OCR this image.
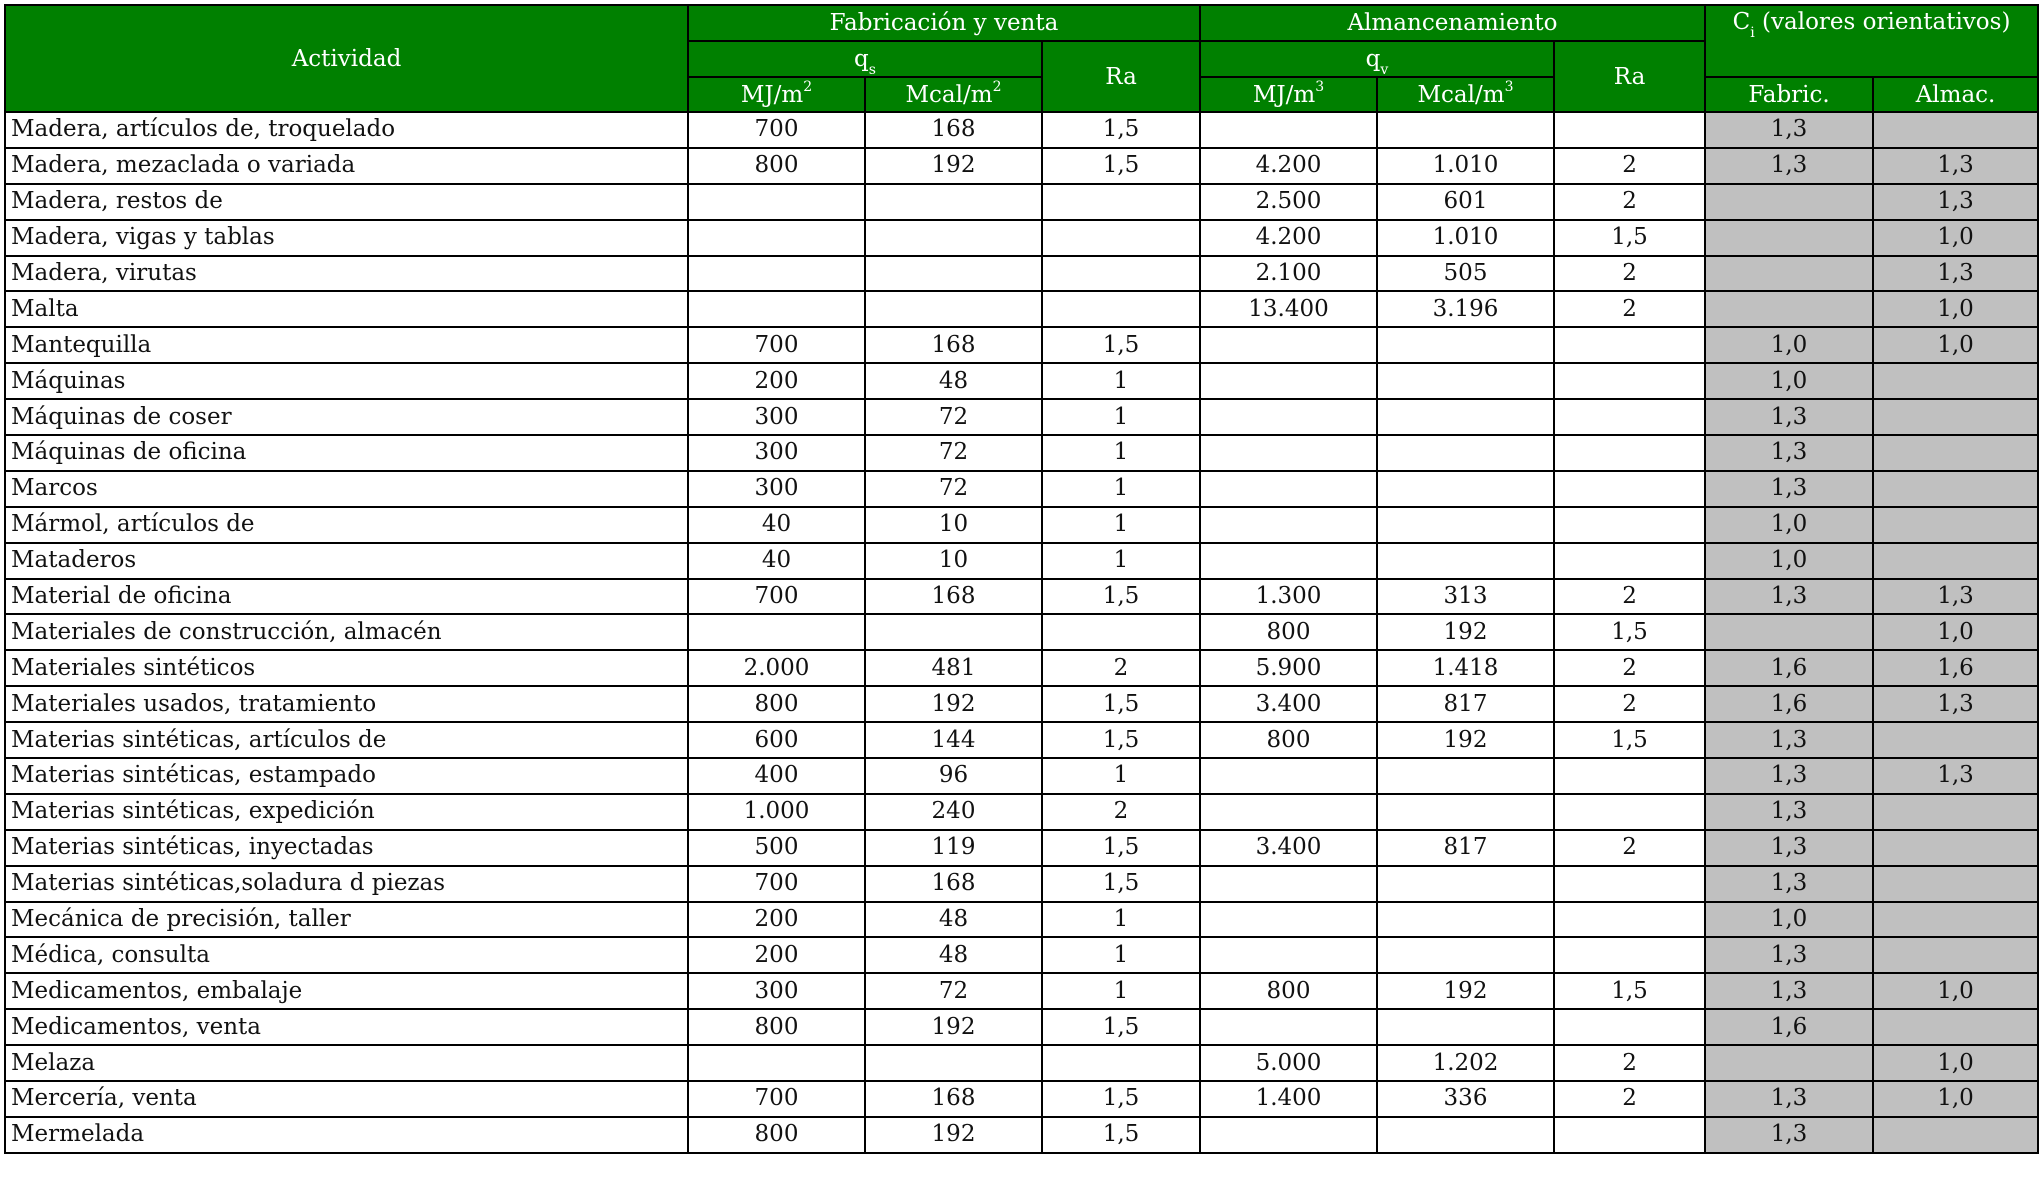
Actividad	Fabricación y venta			Almancenamiento			$C_i$ (valores orientativos)	
	$q_s$		Ra	$q_v$		Ra		
	$MJ/m^2$	Mcal/$m^2$		$MJ/m^3$	Mcal/$m^3$		Fabric.	Almac.
Madera, artículos de, troquelado	700	168	1,5				1,3	
Madera, mezaclada o variada	800	192	1,5	4.200	1.010	2	1,3	1,3
Madera, restos de				2.500	601	2		1,3
Madera, vigas y tablas				4.200	1.010	1,5		1,0
Madera, virutas				2.100	505	2		1,3
Malta				13.400	3.196	2		1,0
Mantequilla	700	168	1,5				1,0	1,0
Máquinas	200	48	1				1,0	
Máquinas de coser	300	72	1				1,3	
Máquinas de oficina	300	72	1				1,3	
Marcos	300	72	1				1,3	
Mármol, artículos de	40	10	1				1,0	
Mataderos	40	10	1				1,0	
Material de oficina	700	168	1,5	1.300	313	2	1,3	1,3
Materiales de construcción, almacén				800	192	1,5		1,0
Materiales sintéticos	2.000	481	2	5.900	1.418	2	1,6	1,6
Materiales usados, tratamiento	800	192	1,5	3.400	817	2	1,6	1,3
Materias sintéticas, artículos de	600	144	1,5	800	192	1,5	1,3	
Materias sintéticas, estampado	400	96	1				1,3	1,3
Materias sintéticas, expedición	1.000	240	2				1,3	
Materias sintéticas, inyectadas	500	119	1,5	3.400	817	2	1,3	
Materias sintéticas,soladura d piezas	700	168	1,5				1,3	
Mecánica de precisión, taller	200	48	1				1,0	
Médica, consulta	200	48	1				1,3	
Medicamentos, embalaje	300	72	1	800	192	1,5	1,3	1,0
Medicamentos, venta	800	192	1,5				1,6	
Melaza				5.000	1.202	2		1,0
Mercería, venta	700	168	1,5	1.400	336	2	1,3	1,0
Mermelada	800	192	1,5				1,3	
